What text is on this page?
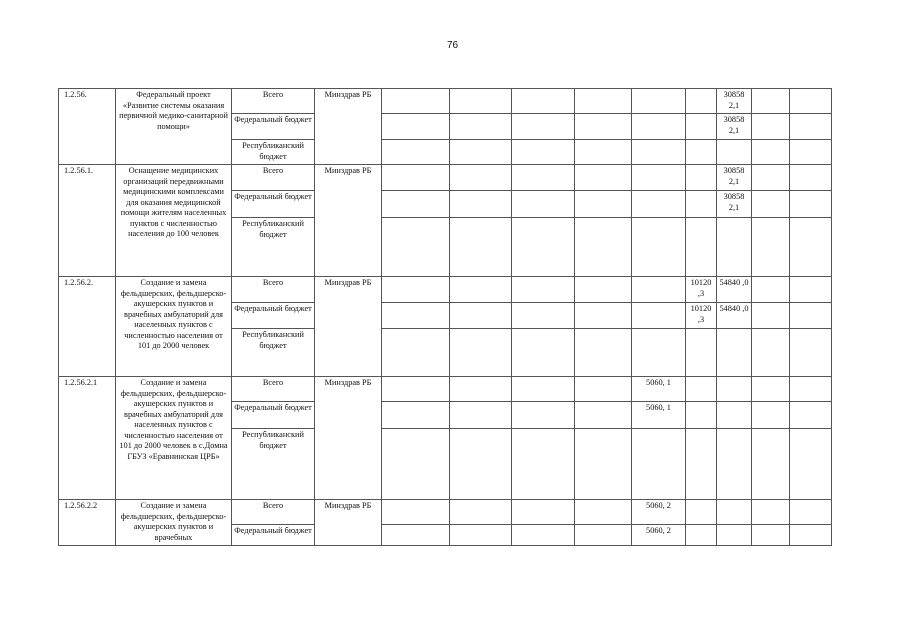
76
1.2.56.	Федеральный проект «Развитие системы оказания первичной медико-санитарной помощи»	Всего	Минздрав РБ							30858 2,1		
		Федеральный бюджет								30858 2,1		
		Республиканский бюджет										
1.2.56.1.	Оснащение медицинских организаций передвижными медицинскими комплексами для оказания медицинской помощи жителям населенных пунктов с численностью населения до 100 человек	Всего	Минздрав РБ							30858 2,1		
		Федеральный бюджет								30858 2,1		
		Республиканский бюджет										
1.2.56.2.	Создание и замена фельдшерских, фельдшерско-акушерских пунктов и врачебных амбулаторий для населенных пунктов с численностью населения от 101 до 2000 человек	Всего	Минздрав РБ						10120 ,3	54840 ,0		
		Федеральный бюджет							10120 ,3	54840 ,0		
		Республиканский бюджет										
1.2.56.2.1	Создание и замена фельдшерских, фельдшерско-акушерских пунктов и врачебных амбулаторий для населенных пунктов с численностью населения от 101 до 2000 человек в с.Домна ГБУЗ «Еравнинская ЦРБ»	Всего	Минздрав РБ					5060, 1				
		Федеральный бюджет						5060, 1				
		Республиканский бюджет										
1.2.56.2.2	Создание и замена фельдшерских, фельдшерско-акушерских пунктов и врачебных	Всего	Минздрав РБ					5060, 2				
		Федеральный бюджет						5060, 2				
